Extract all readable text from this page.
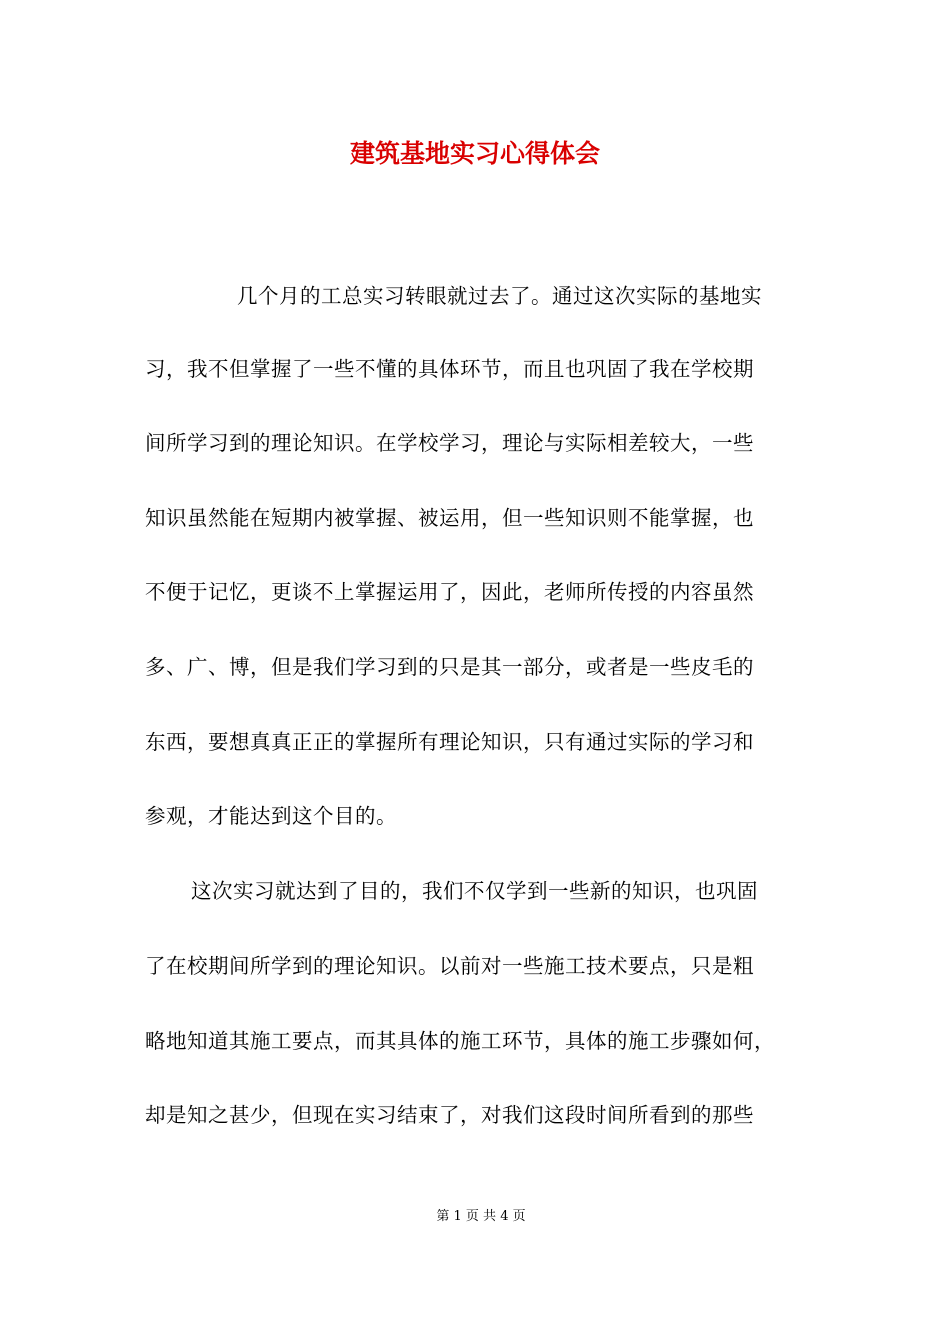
建筑基地实习心得体会
几个月的工总实习转眼就过去了。通过这次实际的基地实
习，我不但掌握了一些不懂的具体环节，而且也巩固了我在学校期
间所学习到的理论知识。在学校学习，理论与实际相差较大，一些
知识虽然能在短期内被掌握、被运用，但一些知识则不能掌握，也
不便于记忆，更谈不上掌握运用了，因此，老师所传授的内容虽然
多、广、博，但是我们学习到的只是其一部分，或者是一些皮毛的
东西，要想真真正正的掌握所有理论知识，只有通过实际的学习和
参观，才能达到这个目的。
这次实习就达到了目的，我们不仅学到一些新的知识，也巩固
了在校期间所学到的理论知识。以前对一些施工技术要点，只是粗
略地知道其施工要点，而其具体的施工环节，具体的施工步骤如何，
却是知之甚少，但现在实习结束了，对我们这段时间所看到的那些
第 1 页 共 4 页
